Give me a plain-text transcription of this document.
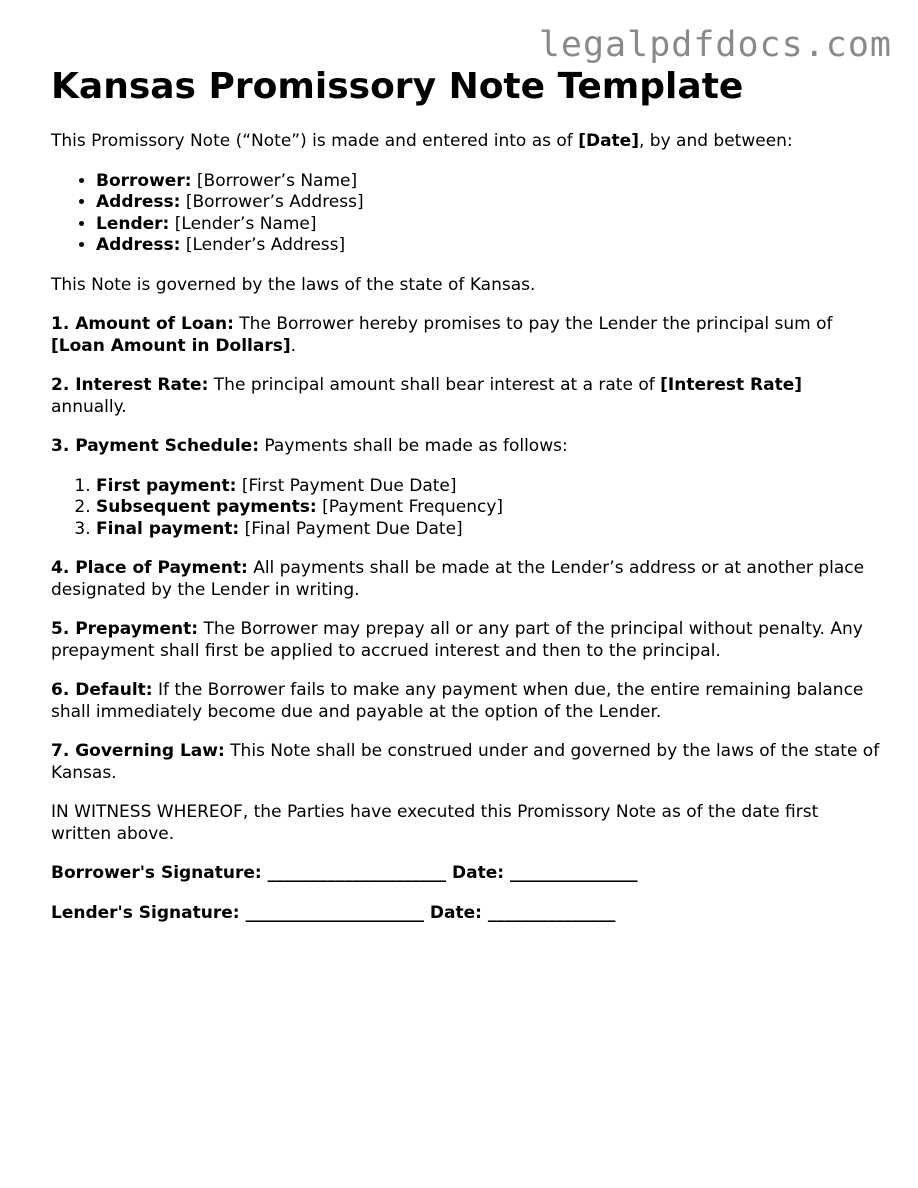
legalpdfdocs.com
Kansas Promissory Note Template

This Promissory Note (“Note”) is made and entered into as of [Date], by and between:

• Borrower: [Borrower’s Name]
• Address: [Borrower’s Address]
• Lender: [Lender’s Name]
• Address: [Lender’s Address]

This Note is governed by the laws of the state of Kansas.

1. Amount of Loan: The Borrower hereby promises to pay the Lender the principal sum of [Loan Amount in Dollars].

2. Interest Rate: The principal amount shall bear interest at a rate of [Interest Rate] annually.

3. Payment Schedule: Payments shall be made as follows:

1. First payment: [First Payment Due Date]
2. Subsequent payments: [Payment Frequency]
3. Final payment: [Final Payment Due Date]

4. Place of Payment: All payments shall be made at the Lender’s address or at another place designated by the Lender in writing.

5. Prepayment: The Borrower may prepay all or any part of the principal without penalty. Any prepayment shall first be applied to accrued interest and then to the principal.

6. Default: If the Borrower fails to make any payment when due, the entire remaining balance shall immediately become due and payable at the option of the Lender.

7. Governing Law: This Note shall be construed under and governed by the laws of the state of Kansas.

IN WITNESS WHEREOF, the Parties have executed this Promissory Note as of the date first written above.

Borrower's Signature: _____________________ Date: _______________
Lender's Signature: _____________________ Date: _______________
